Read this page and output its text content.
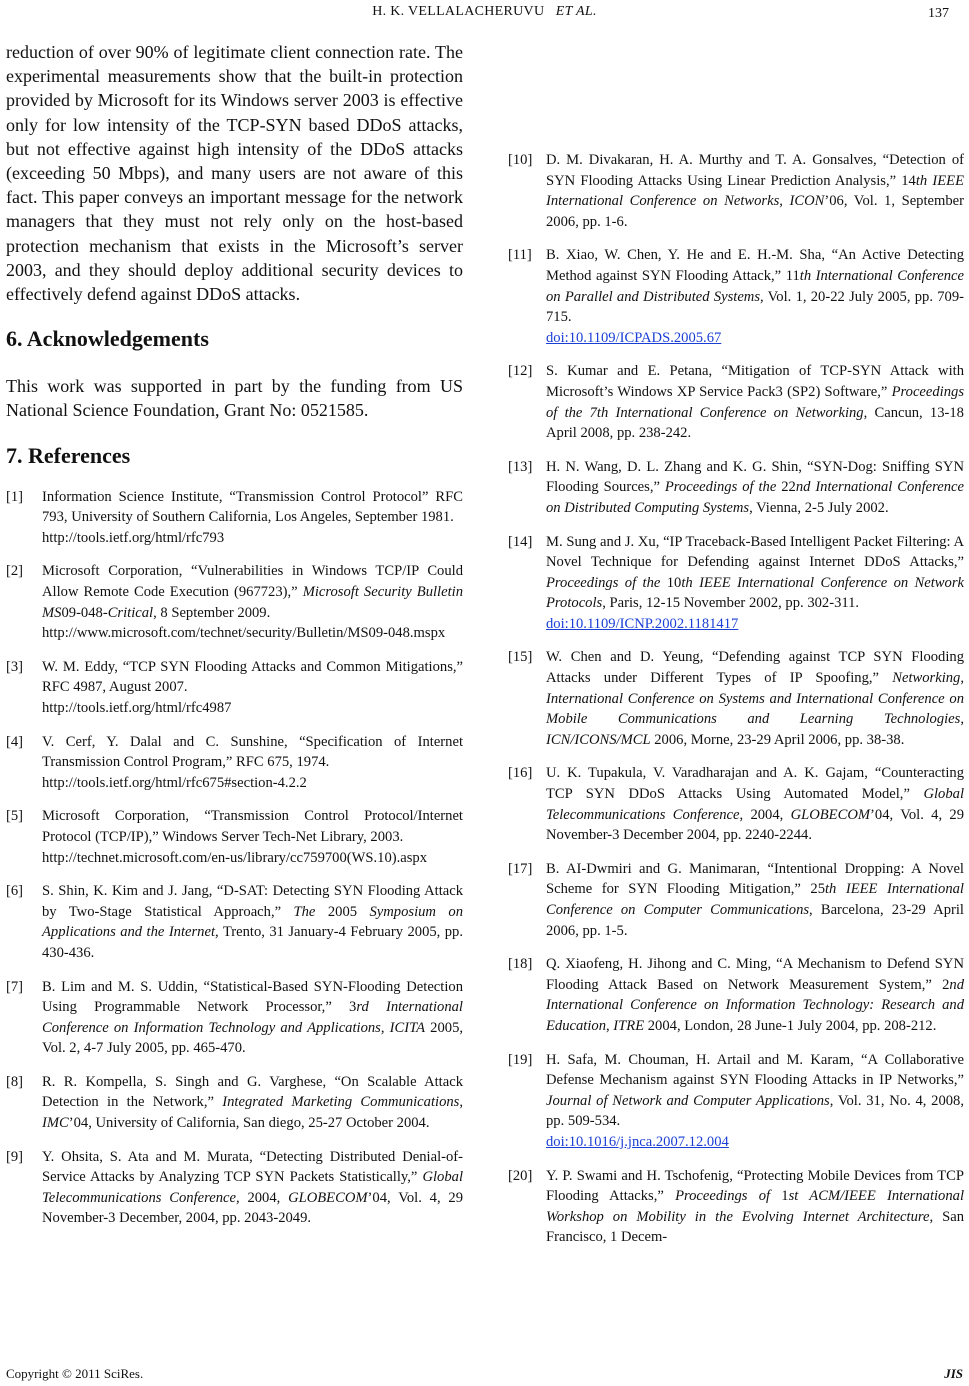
H. K. VELLALACHERUVU ET AL.	137

reduction of over 90% of legitimate client connection rate. The experimental measurements show that the built-in protection provided by Microsoft for its Windows server 2003 is effective only for low intensity of the TCP-SYN based DDoS attacks, but not effective against high intensity of the DDoS attacks (exceeding 50 Mbps), and many users are not aware of this fact. This paper conveys an important message for the network managers that they must not rely only on the host-based protection mechanism that exists in the Microsoft’s server 2003, and they should deploy additional security devices to effectively defend against DDoS attacks.

6. Acknowledgements

This work was supported in part by the funding from US National Science Foundation, Grant No: 0521585.

7. References
[1] Information Science Institute, “Transmission Control Protocol” RFC 793, University of Southern California, Los Angeles, September 1981.
http://tools.ietf.org/html/rfc793
[2] Microsoft Corporation, “Vulnerabilities in Windows TCP/IP Could Allow Remote Code Execution (967723),” Microsoft Security Bulletin MS09-048-Critical, 8 September 2009.
http://www.microsoft.com/technet/security/Bulletin/MS09-048.mspx
[3] W. M. Eddy, “TCP SYN Flooding Attacks and Common Mitigations,” RFC 4987, August 2007.
http://tools.ietf.org/html/rfc4987
[4] V. Cerf, Y. Dalal and C. Sunshine, “Specification of Internet Transmission Control Program,” RFC 675, 1974.
http://tools.ietf.org/html/rfc675#section-4.2.2
[5] Microsoft Corporation, “Transmission Control Protocol/Internet Protocol (TCP/IP),” Windows Server Tech-Net Library, 2003.
http://technet.microsoft.com/en-us/library/cc759700(WS.10).aspx
[6] S. Shin, K. Kim and J. Jang, “D-SAT: Detecting SYN Flooding Attack by Two-Stage Statistical Approach,” The 2005 Symposium on Applications and the Internet, Trento, 31 January-4 February 2005, pp. 430-436.
[7] B. Lim and M. S. Uddin, “Statistical-Based SYN-Flooding Detection Using Programmable Network Processor,” 3rd International Conference on Information Technology and Applications, ICITA 2005, Vol. 2, 4-7 July 2005, pp. 465-470.
[8] R. R. Kompella, S. Singh and G. Varghese, “On Scalable Attack Detection in the Network,” Integrated Marketing Communications, IMC’04, University of California, San diego, 25-27 October 2004.
[9] Y. Ohsita, S. Ata and M. Murata, “Detecting Distributed Denial-of-Service Attacks by Analyzing TCP SYN Packets Statistically,” Global Telecommunications Conference, 2004, GLOBECOM’04, Vol. 4, 29 November-3 December, 2004, pp. 2043-2049.
[10] D. M. Divakaran, H. A. Murthy and T. A. Gonsalves, “Detection of SYN Flooding Attacks Using Linear Prediction Analysis,” 14th IEEE International Conference on Networks, ICON’06, Vol. 1, September 2006, pp. 1-6.
[11] B. Xiao, W. Chen, Y. He and E. H.-M. Sha, “An Active Detecting Method against SYN Flooding Attack,” 11th International Conference on Parallel and Distributed Systems, Vol. 1, 20-22 July 2005, pp. 709-715.
doi:10.1109/ICPADS.2005.67
[12] S. Kumar and E. Petana, “Mitigation of TCP-SYN Attack with Microsoft’s Windows XP Service Pack3 (SP2) Software,” Proceedings of the 7th International Conference on Networking, Cancun, 13-18 April 2008, pp. 238-242.
[13] H. N. Wang, D. L. Zhang and K. G. Shin, “SYN-Dog: Sniffing SYN Flooding Sources,” Proceedings of the 22nd International Conference on Distributed Computing Systems, Vienna, 2-5 July 2002.
[14] M. Sung and J. Xu, “IP Traceback-Based Intelligent Packet Filtering: A Novel Technique for Defending against Internet DDoS Attacks,” Proceedings of the 10th IEEE International Conference on Network Protocols, Paris, 12-15 November 2002, pp. 302-311.
doi:10.1109/ICNP.2002.1181417
[15] W. Chen and D. Yeung, “Defending against TCP SYN Flooding Attacks under Different Types of IP Spoofing,” Networking, International Conference on Systems and International Conference on Mobile Communications and Learning Technologies, ICN/ICONS/MCL 2006, Morne, 23-29 April 2006, pp. 38-38.
[16] U. K. Tupakula, V. Varadharajan and A. K. Gajam, “Counteracting TCP SYN DDoS Attacks Using Automated Model,” Global Telecommunications Conference, 2004, GLOBECOM’04, Vol. 4, 29 November-3 December 2004, pp. 2240-2244.
[17] B. AI-Dwmiri and G. Manimaran, “Intentional Dropping: A Novel Scheme for SYN Flooding Mitigation,” 25th IEEE International Conference on Computer Communications, Barcelona, 23-29 April 2006, pp. 1-5.
[18] Q. Xiaofeng, H. Jihong and C. Ming, “A Mechanism to Defend SYN Flooding Attack Based on Network Measurement System,” 2nd International Conference on Information Technology: Research and Education, ITRE 2004, London, 28 June-1 July 2004, pp. 208-212.
[19] H. Safa, M. Chouman, H. Artail and M. Karam, “A Collaborative Defense Mechanism against SYN Flooding Attacks in IP Networks,” Journal of Network and Computer Applications, Vol. 31, No. 4, 2008, pp. 509-534.
doi:10.1016/j.jnca.2007.12.004
[20] Y. P. Swami and H. Tschofenig, “Protecting Mobile Devices from TCP Flooding Attacks,” Proceedings of 1st ACM/IEEE International Workshop on Mobility in the Evolving Internet Architecture, San Francisco, 1 Decem-
Copyright © 2011 SciRes.	JIS
